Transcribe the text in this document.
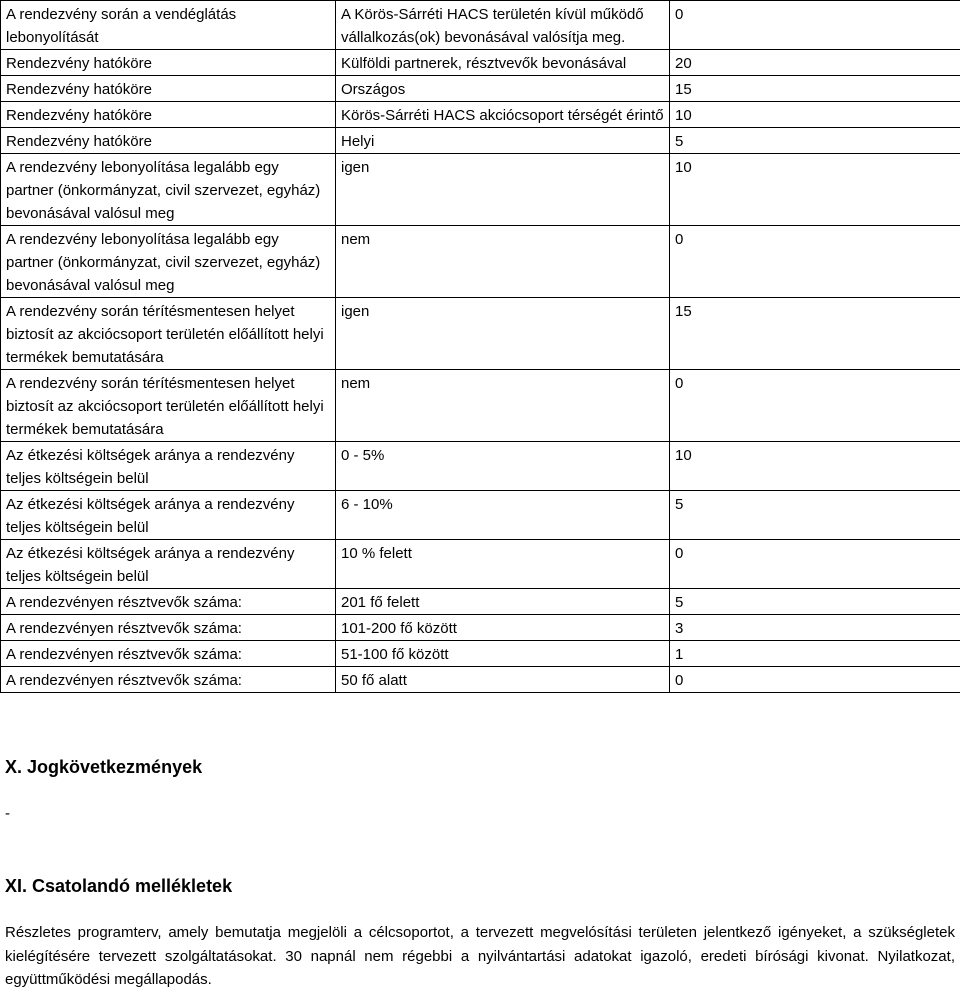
A rendezvény során a vendéglátás lebonyolítását	A Körös-Sárréti HACS területén kívül működő vállalkozás(ok) bevonásával valósítja meg.	0
Rendezvény hatóköre	Külföldi partnerek, résztvevők bevonásával	20
Rendezvény hatóköre	Országos	15
Rendezvény hatóköre	Körös-Sárréti HACS akciócsoport térségét érintő	10
Rendezvény hatóköre	Helyi	5
A rendezvény lebonyolítása legalább egy partner (önkormányzat, civil szervezet, egyház) bevonásával valósul meg	igen	10
A rendezvény lebonyolítása legalább egy partner (önkormányzat, civil szervezet, egyház) bevonásával valósul meg	nem	0
A rendezvény során térítésmentesen helyet biztosít az akciócsoport területén előállított helyi termékek bemutatására	igen	15
A rendezvény során térítésmentesen helyet biztosít az akciócsoport területén előállított helyi termékek bemutatására	nem	0
Az étkezési költségek aránya a rendezvény teljes költségein belül	0 - 5%	10
Az étkezési költségek aránya a rendezvény teljes költségein belül	6 - 10%	5
Az étkezési költségek aránya a rendezvény teljes költségein belül	10 % felett	0
A rendezvényen résztvevők száma:	201 fő felett	5
A rendezvényen résztvevők száma:	101-200 fő között	3
A rendezvényen résztvevők száma:	51-100 fő között	1
A rendezvényen résztvevők száma:	50 fő alatt	0
X. Jogkövetkezmények
-
XI. Csatolandó mellékletek
Részletes programterv, amely bemutatja megjelöli a célcsoportot, a tervezett megvelósítási területen jelentkező igényeket, a szükségletek kielégítésére tervezett szolgáltatásokat. 30 napnál nem régebbi a nyilvántartási adatokat igazoló, eredeti bírósági kivonat. Nyilatkozat, együttműködési megállapodás.
